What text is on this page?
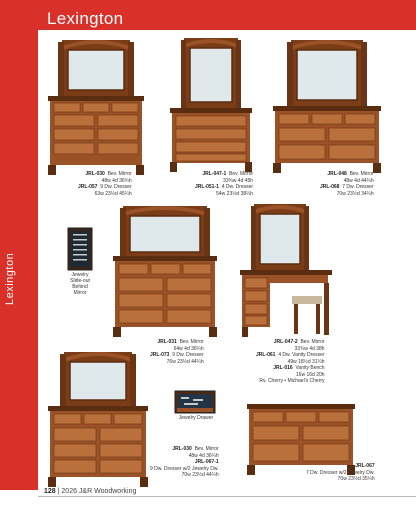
Lexington
Lexington
JRL-030 Bev. Mirror
48w 4d 36¾h
JRL-057 9 Dw. Dresser
63w 23½d 45¼h
JRL-047-1 Bev. Mirror
33¾w 4d 45h
JRL-051-1 4 Dw. Dresser
54w 23½d 38¼h
JRL-048 Bev. Mirror
48w 4d 44¼h
JRL-068 7 Dw. Dresser
70w 23½d 34¼h
Jewelry
Slide-out
Behind
Mirror
JRL-031 Bev. Mirror
64w 4d 36¼h
JRL-073 9 Dw. Dresser
76w 23½d 44¼h
JRL-047-2 Bev. Mirror
33¾w 4d 38h
JRL-061 4 Dw. Vanity Dresser
49w 18½d 31¼h
JRL-016 Vanity Bench
16w 16d 20h
Rv. Cherry • Michael's Cherry
Jewelry Drawer
JRL-030 Bev. Mirror
48w 4d 36¼h
JRL-067-1
9 Dw. Dresser w/2 Jewelry Dw.
70w 23½d 44¼h
JRL-067
7 Dw. Dresser w/2 Jewelry Dw.
70w 23½d 35¼h
128 | 2026 J&R Woodworking
